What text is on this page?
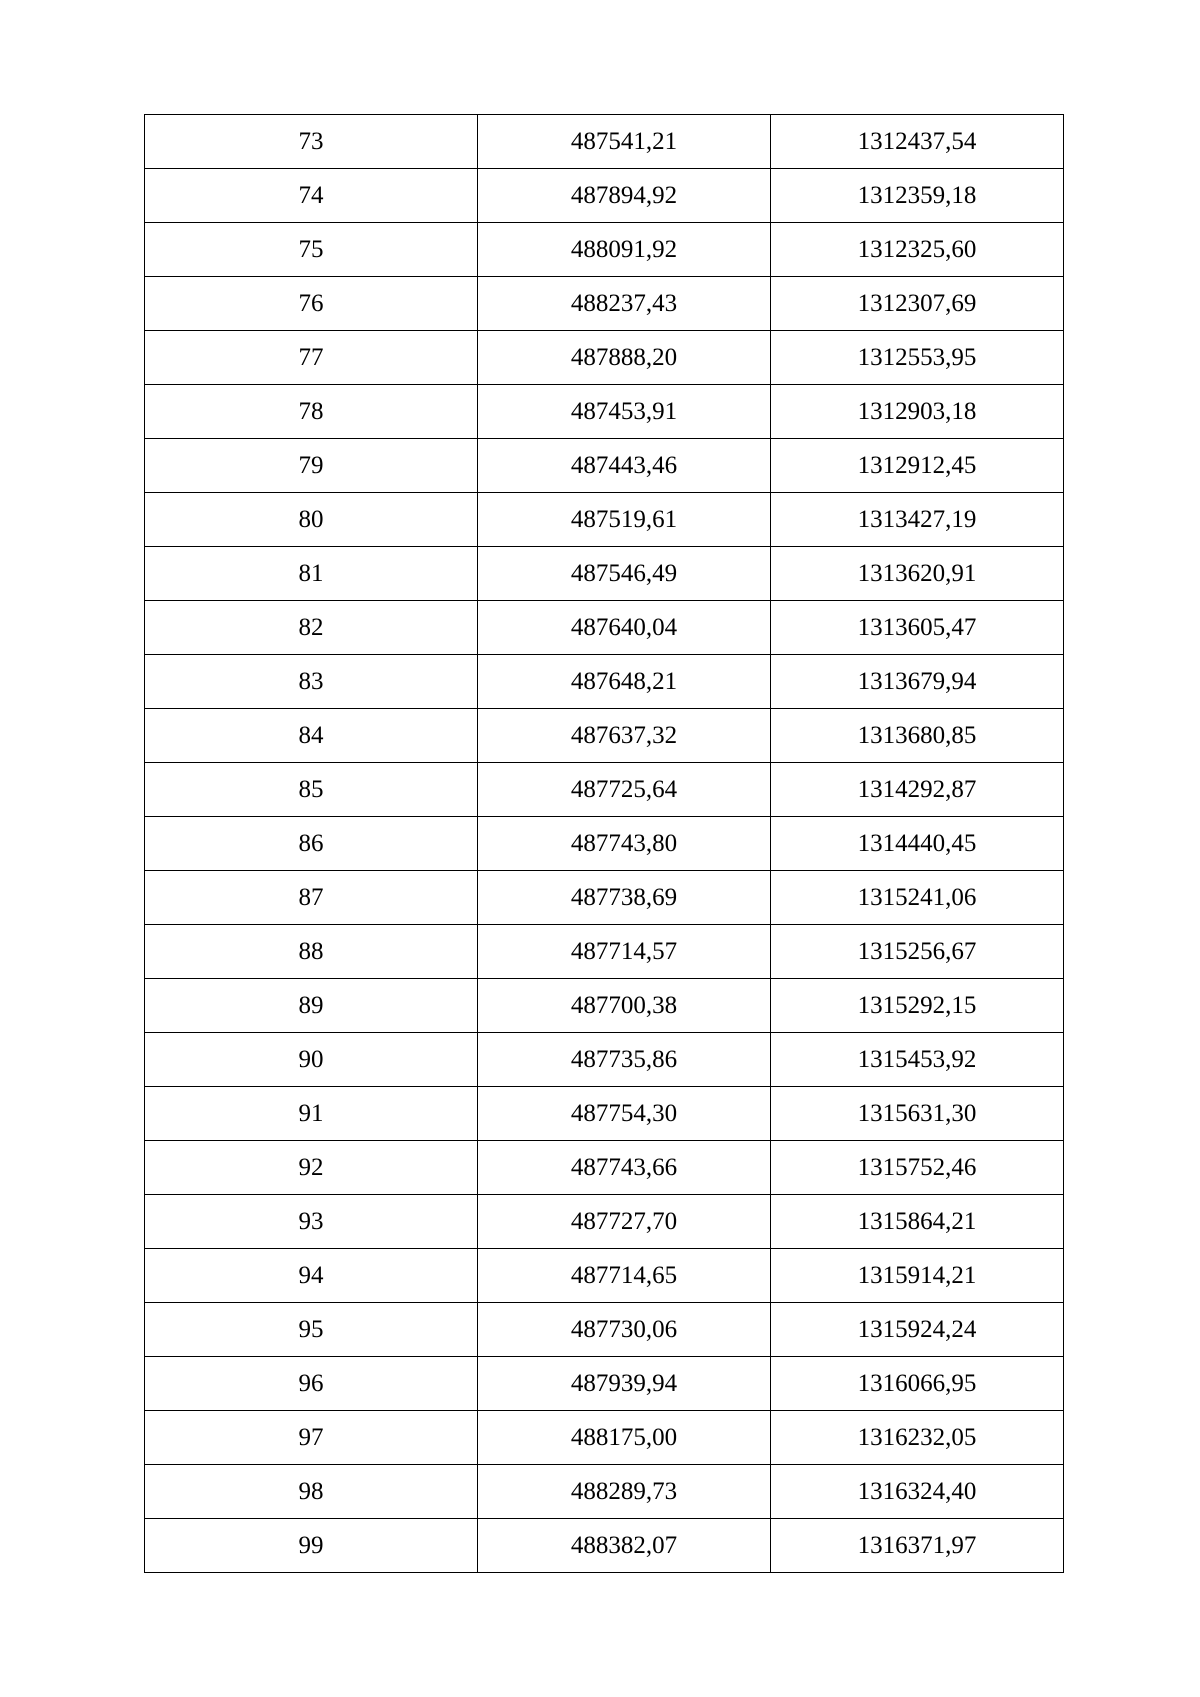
73	487541,21	1312437,54
74	487894,92	1312359,18
75	488091,92	1312325,60
76	488237,43	1312307,69
77	487888,20	1312553,95
78	487453,91	1312903,18
79	487443,46	1312912,45
80	487519,61	1313427,19
81	487546,49	1313620,91
82	487640,04	1313605,47
83	487648,21	1313679,94
84	487637,32	1313680,85
85	487725,64	1314292,87
86	487743,80	1314440,45
87	487738,69	1315241,06
88	487714,57	1315256,67
89	487700,38	1315292,15
90	487735,86	1315453,92
91	487754,30	1315631,30
92	487743,66	1315752,46
93	487727,70	1315864,21
94	487714,65	1315914,21
95	487730,06	1315924,24
96	487939,94	1316066,95
97	488175,00	1316232,05
98	488289,73	1316324,40
99	488382,07	1316371,97
